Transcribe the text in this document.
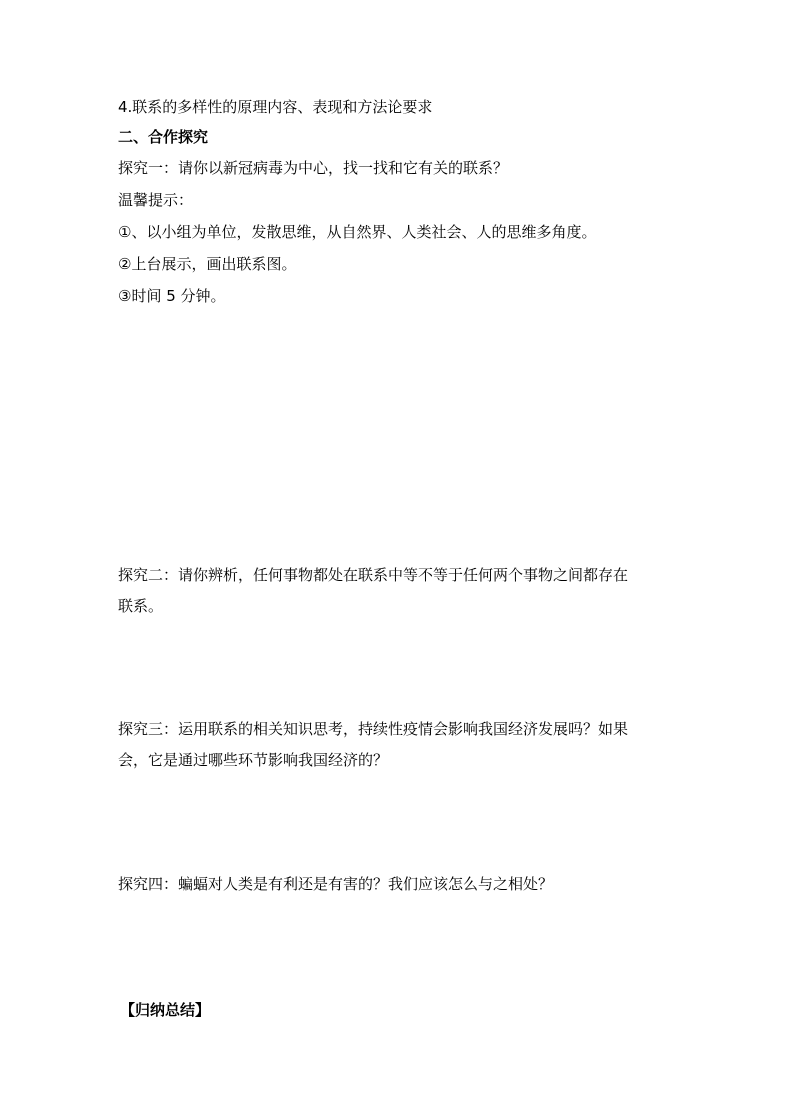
4.联系的多样性的原理内容、表现和方法论要求
二、合作探究
探究一：请你以新冠病毒为中心，找一找和它有关的联系？
温馨提示：
①、以小组为单位，发散思维，从自然界、人类社会、人的思维多角度。
②上台展示，画出联系图。
③时间 5 分钟。
探究二：请你辨析，任何事物都处在联系中等不等于任何两个事物之间都存在
联系。
探究三：运用联系的相关知识思考，持续性疫情会影响我国经济发展吗？如果
会，它是通过哪些环节影响我国经济的？
探究四：蝙蝠对人类是有利还是有害的？我们应该怎么与之相处？
【归纳总结】
